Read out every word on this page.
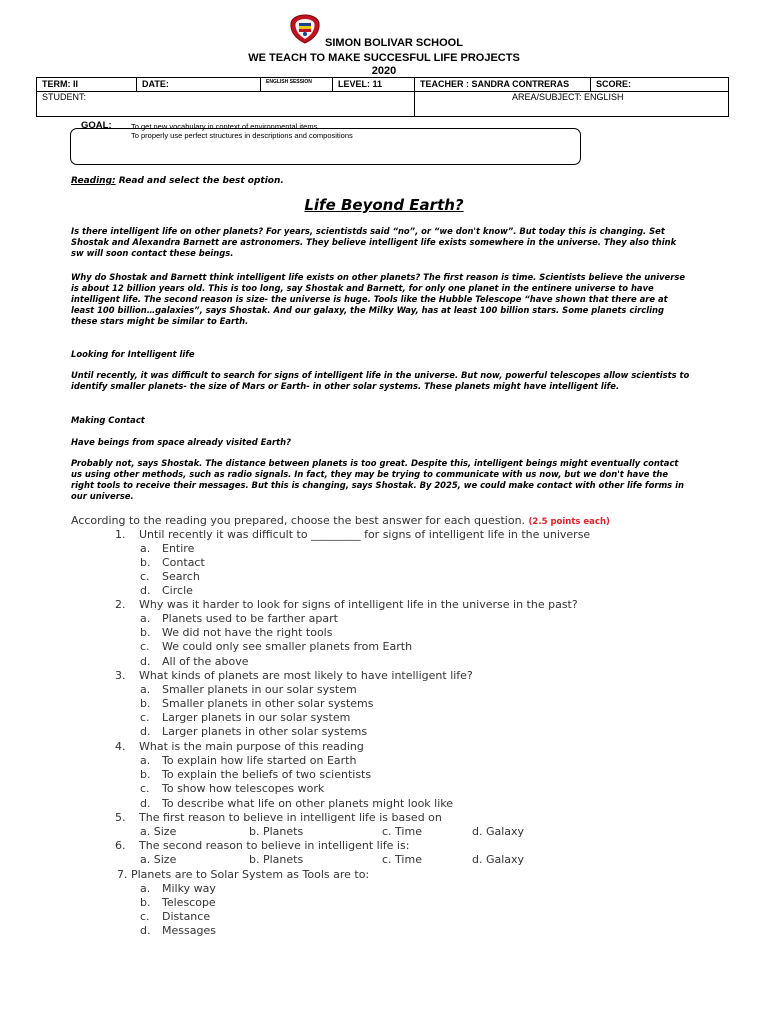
SIMON BOLIVAR SCHOOL
WE TEACH TO MAKE SUCCESFUL LIFE PROJECTS
2020
TERM: II	DATE:	ENGLISH SESSION	LEVEL: 11	TEACHER : SANDRA CONTRERAS	SCORE:
STUDENT:				AREA/SUBJECT: ENGLISH	
GOAL:	To get new vocabulary in context of environmental items.
To properly use perfect structures in descriptions and compositions
Reading: Read and select the best option.
Life Beyond Earth?
Is there intelligent life on other planets? For years, scientistds said “no”, or “we don't know”. But today this is changing. Set Shostak and Alexandra Barnett are astronomers. They believe intelligent life exists somewhere in the universe. They also think sw will soon contact these beings.
Why do Shostak and Barnett think intelligent life exists on other planets? The first reason is time. Scientists believe the universe is about 12 billion years old. This is too long, say Shostak and Barnett, for only one planet in the entinere universe to have intelligent life. The second reason is size- the universe is huge. Tools like the Hubble Telescope “have shown that there are at least 100 billion…galaxies”, says Shostak. And our galaxy, the Milky Way, has at least 100 billion stars. Some planets circling these stars might be similar to Earth.
Looking for Intelligent life
Until recently, it was difficult to search for signs of intelligent life in the universe. But now, powerful telescopes allow scientists to identify smaller planets- the size of Mars or Earth- in other solar systems. These planets might have intelligent life.
Making Contact
Have beings from space already visited Earth?
Probably not, says Shostak. The distance between planets is too great. Despite this, intelligent beings might eventually contact us using other methods, such as radio signals. In fact, they may be trying to communicate with us now, but we don't have the right tools to receive their messages. But this is changing, says Shostak. By 2025, we could make contact with other life forms in our universe.
According to the reading you prepared, choose the best answer for each question. (2.5 points each)
1. Until recently it was difficult to _________ for signs of intelligent life in the universe
a. Entire
b. Contact
c. Search
d. Circle
2. Why was it harder to look for signs of intelligent life in the universe in the past?
a. Planets used to be farther apart
b. We did not have the right tools
c. We could only see smaller planets from Earth
d. All of the above
3. What kinds of planets are most likely to have intelligent life?
a. Smaller planets in our solar system
b. Smaller planets in other solar systems
c. Larger planets in our solar system
d. Larger planets in other solar systems
4. What is the main purpose of this reading
a. To explain how life started on Earth
b. To explain the beliefs of two scientists
c. To show how telescopes work
d. To describe what life on other planets might look like
5. The first reason to believe in intelligent life is based on
a. Size	b. Planets	c. Time	d. Galaxy
6. The second reason to believe in intelligent life is:
a. Size	b. Planets	c. Time	d. Galaxy
7. Planets are to Solar System as Tools are to:
a. Milky way
b. Telescope
c. Distance
d. Messages
